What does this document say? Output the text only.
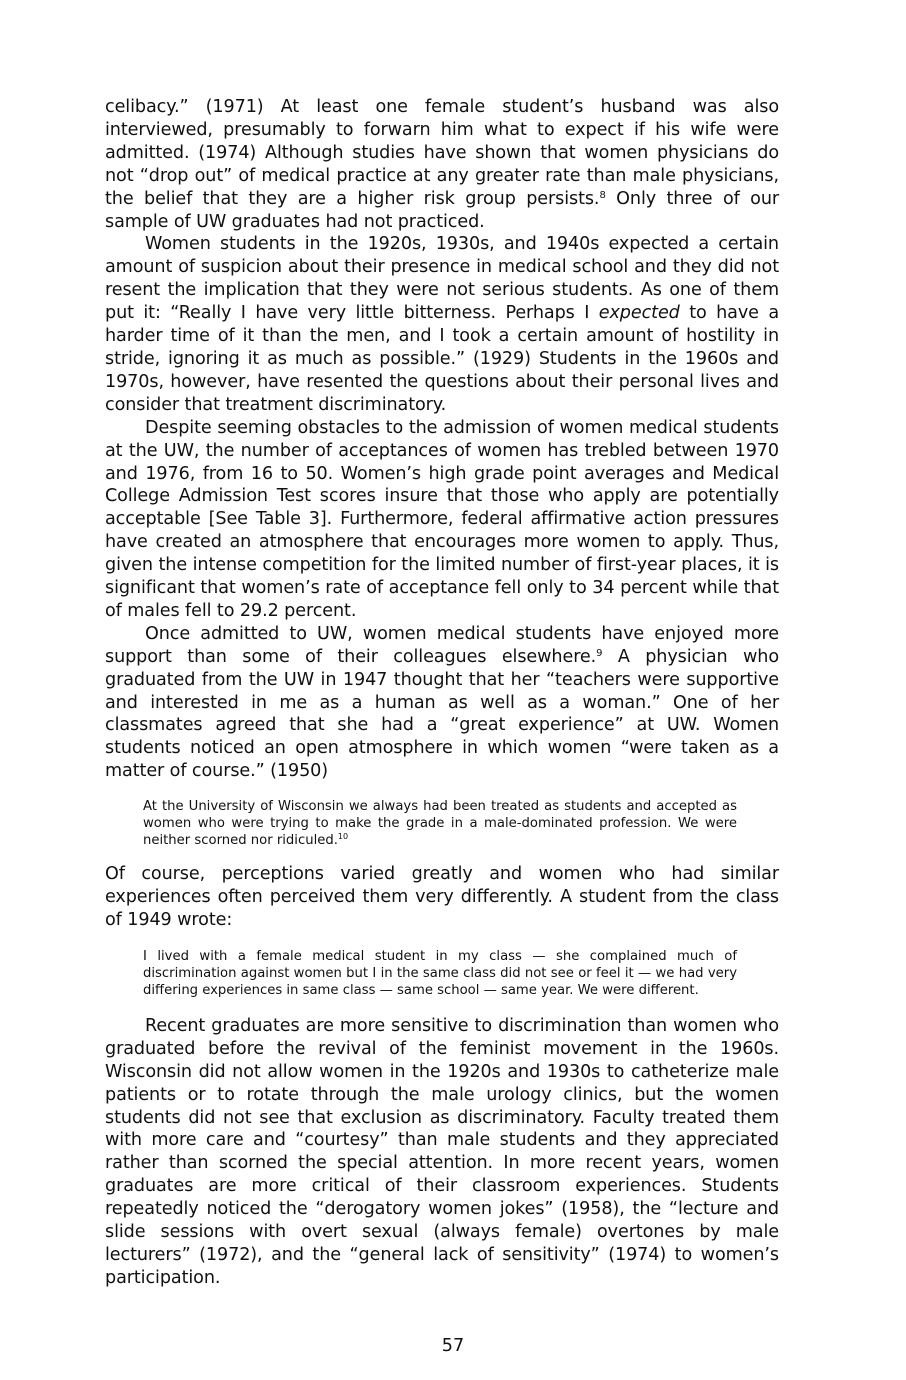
celibacy.” (1971) At least one female student’s husband was also interviewed, presumably to forwarn him what to expect if his wife were admitted. (1974) Although studies have shown that women physicians do not “drop out” of medical practice at any greater rate than male physicians, the belief that they are a higher risk group persists.$^8$ Only three of our sample of UW graduates had not practiced.

Women students in the 1920s, 1930s, and 1940s expected a certain amount of suspicion about their presence in medical school and they did not resent the implication that they were not serious students. As one of them put it: “Really I have very little bitterness. Perhaps I expected to have a harder time of it than the men, and I took a certain amount of hostility in stride, ignoring it as much as possible.” (1929) Students in the 1960s and 1970s, however, have resented the questions about their personal lives and consider that treatment discriminatory.

Despite seeming obstacles to the admission of women medical students at the UW, the number of acceptances of women has trebled between 1970 and 1976, from 16 to 50. Women’s high grade point averages and Medical College Admission Test scores insure that those who apply are potentially acceptable [See Table 3]. Furthermore, federal affirmative action pressures have created an atmosphere that encourages more women to apply. Thus, given the intense competition for the limited number of first-year places, it is significant that women’s rate of acceptance fell only to 34 percent while that of males fell to 29.2 percent.

Once admitted to UW, women medical students have enjoyed more support than some of their colleagues elsewhere.$^9$ A physician who graduated from the UW in 1947 thought that her “teachers were supportive and interested in me as a human as well as a woman.” One of her classmates agreed that she had a “great experience” at UW. Women students noticed an open atmosphere in which women “were taken as a matter of course.” (1950)

At the University of Wisconsin we always had been treated as students and accepted as women who were trying to make the grade in a male-dominated profession. We were neither scorned nor ridiculed.$^{10}$

Of course, perceptions varied greatly and women who had similar experiences often perceived them very differently. A student from the class of 1949 wrote:

I lived with a female medical student in my class — she complained much of discrimination against women but I in the same class did not see or feel it — we had very differing experiences in same class — same school — same year. We were different.

Recent graduates are more sensitive to discrimination than women who graduated before the revival of the feminist movement in the 1960s. Wisconsin did not allow women in the 1920s and 1930s to catheterize male patients or to rotate through the male urology clinics, but the women students did not see that exclusion as discriminatory. Faculty treated them with more care and “courtesy” than male students and they appreciated rather than scorned the special attention. In more recent years, women graduates are more critical of their classroom experiences. Students repeatedly noticed the “derogatory women jokes” (1958), the “lecture and slide sessions with overt sexual (always female) overtones by male lecturers” (1972), and the “general lack of sensitivity” (1974) to women’s participation.

57
